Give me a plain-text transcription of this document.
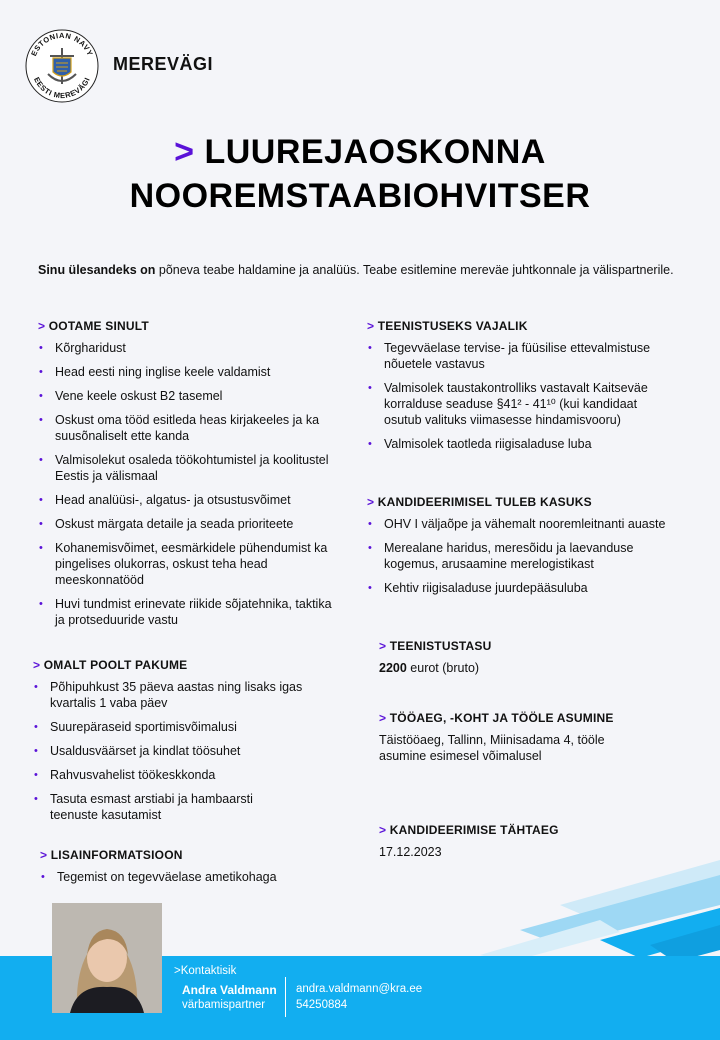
ESTONIAN NAVY
EESTI MEREVÄGI
MEREVÄGI
> LUUREJAOSKONNA
NOOREMSTAABIOHVITSER
Sinu ülesandeks on põneva teabe haldamine ja analüüs. Teabe esitlemine mereväe juhtkonnale ja välispartnerile.
> OOTAME SINULT
• Kõrgharidust
• Head eesti ning inglise keele valdamist
• Vene keele oskust B2 tasemel
• Oskust oma tööd esitleda heas kirjakeeles ja ka suusõnaliselt ette kanda
• Valmisolekut osaleda töökohtumistel ja koolitustel Eestis ja välismaal
• Head analüüsi-, algatus- ja otsustusvõimet
• Oskust märgata detaile ja seada prioriteete
• Kohanemisvõimet, eesmärkidele pühendumist ka pingelises olukorras, oskust teha head meeskonnatööd
• Huvi tundmist erinevate riikide sõjatehnika, taktika ja protseduuride vastu
> OMALT POOLT PAKUME
• Põhipuhkust 35 päeva aastas ning lisaks igas kvartalis 1 vaba päev
• Suurepäraseid sportimisvõimalusi
• Usaldusväärset ja kindlat töösuhet
• Rahvusvahelist töökeskkonda
• Tasuta esmast arstiabi ja hambaarsti teenuste kasutamist
> LISAINFORMATSIOON
• Tegemist on tegevväelase ametikohaga
> TEENISTUSEKS VAJALIK
• Tegevväelase tervise- ja füüsilise ettevalmistuse nõuetele vastavus
• Valmisolek taustakontrolliks vastavalt Kaitseväe korralduse seaduse §41² - 41¹⁰ (kui kandidaat osutub valituks viimasesse hindamisvooru)
• Valmisolek taotleda riigisaladuse luba
> KANDIDEERIMISEL TULEB KASUKS
• OHV I väljaõpe ja vähemalt nooremleitnanti auaste
• Merealane haridus, meresõidu ja laevanduse kogemus, arusaamine merelogistikast
• Kehtiv riigisaladuse juurdepääsuluba
> TEENISTUSTASU
2200 eurot (bruto)
> TÖÖAEG, -KOHT JA TÖÖLE ASUMINE
Täistööaeg, Tallinn, Miinisadama 4, tööle asumine esimesel võimalusel
> KANDIDEERIMISE TÄHTAEG
17.12.2023
>Kontaktisik
Andra Valdmann
värbamispartner
andra.valdmann@kra.ee
54250884
